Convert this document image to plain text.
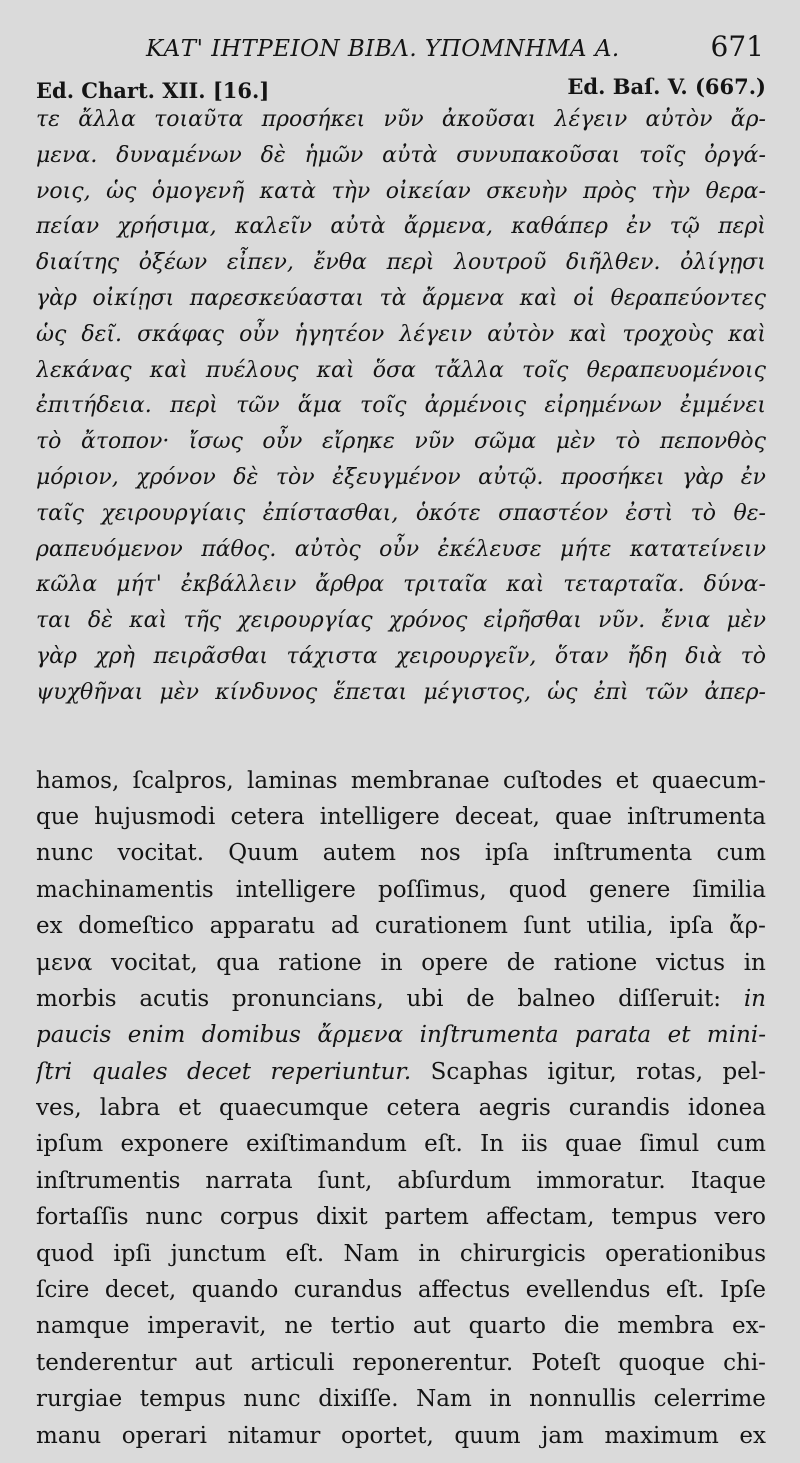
ΚΑΤ' ΙΗΤΡΕΙΟΝ ΒΙΒΛ. ΥΠΟΜΝΗΜΑ Α.	671
Ed. Chart. XII. [16.]	Ed. Baſ. V. (667.)
τε ἄλλα τοιαῦτα προσήκει νῦν ἀκοῦσαι λέγειν αὐτὸν ἄρ-
μενα. δυναμένων δὲ ἡμῶν αὐτὰ συνυπακοῦσαι τοῖς ὀργά-
νοις, ὡς ὁμογενῆ κατὰ τὴν οἰκείαν σκευὴν πρὸς τὴν θερα-
πείαν χρήσιμα, καλεῖν αὐτὰ ἄρμενα, καθάπερ ἐν τῷ περὶ
διαίτης ὀξέων εἶπεν, ἔνθα περὶ λουτροῦ διῆλθεν. ὀλίγῃσι
γὰρ οἰκίῃσι παρεσκεύασται τὰ ἄρμενα καὶ οἱ θεραπεύοντες
ὡς δεῖ. σκάφας οὖν ἡγητέον λέγειν αὐτὸν καὶ τροχοὺς καὶ
λεκάνας καὶ πυέλους καὶ ὅσα τἄλλα τοῖς θεραπευομένοις
ἐπιτήδεια. περὶ τῶν ἅμα τοῖς ἀρμένοις εἰρημένων ἐμμένει
τὸ ἄτοπον· ἴσως οὖν εἴρηκε νῦν σῶμα μὲν τὸ πεπονθὸς
μόριον, χρόνον δὲ τὸν ἐξευγμένον αὐτῷ. προσήκει γὰρ ἐν
ταῖς χειρουργίαις ἐπίστασθαι, ὁκότε σπαστέον ἐστὶ τὸ θε-
ραπευόμενον πάθος. αὐτὸς οὖν ἐκέλευσε μήτε κατατείνειν
κῶλα μήτ' ἐκβάλλειν ἄρθρα τριταῖα καὶ τεταρταῖα. δύνα-
ται δὲ καὶ τῆς χειρουργίας χρόνος εἰρῆσθαι νῦν. ἔνια μὲν
γὰρ χρὴ πειρᾶσθαι τάχιστα χειρουργεῖν, ὅταν ἤδη διὰ τὸ
ψυχθῆναι μὲν κίνδυνος ἕπεται μέγιστος, ὡς ἐπὶ τῶν ἀπερ-
hamos, ſcalpros, laminas membranae cuſtodes et quaecum-
que hujusmodi cetera intelligere deceat, quae inſtrumenta
nunc vocitat. Quum autem nos ipſa inſtrumenta cum
machinamentis intelligere poſſimus, quod genere ſimilia
ex domeſtico apparatu ad curationem ſunt utilia, ipſa ἄρ-
μενα vocitat, qua ratione in opere de ratione victus in
morbis acutis pronuncians, ubi de balneo diſſeruit: in
paucis enim domibus ἄρμενα inſtrumenta parata et mini-
ſtri quales decet reperiuntur. Scaphas igitur, rotas, pel-
ves, labra et quaecumque cetera aegris curandis idonea
ipſum exponere exiſtimandum eſt. In iis quae ſimul cum
inſtrumentis narrata ſunt, abſurdum immoratur. Itaque
fortaſſis nunc corpus dixit partem affectam, tempus vero
quod ipſi junctum eſt. Nam in chirurgicis operationibus
ſcire decet, quando curandus affectus evellendus eſt. Ipſe
namque imperavit, ne tertio aut quarto die membra ex-
tenderentur aut articuli reponerentur. Poteſt quoque chi-
rurgiae tempus nunc dixiſſe. Nam in nonnullis celerrime
manu operari nitamur oportet, quum jam maximum ex
